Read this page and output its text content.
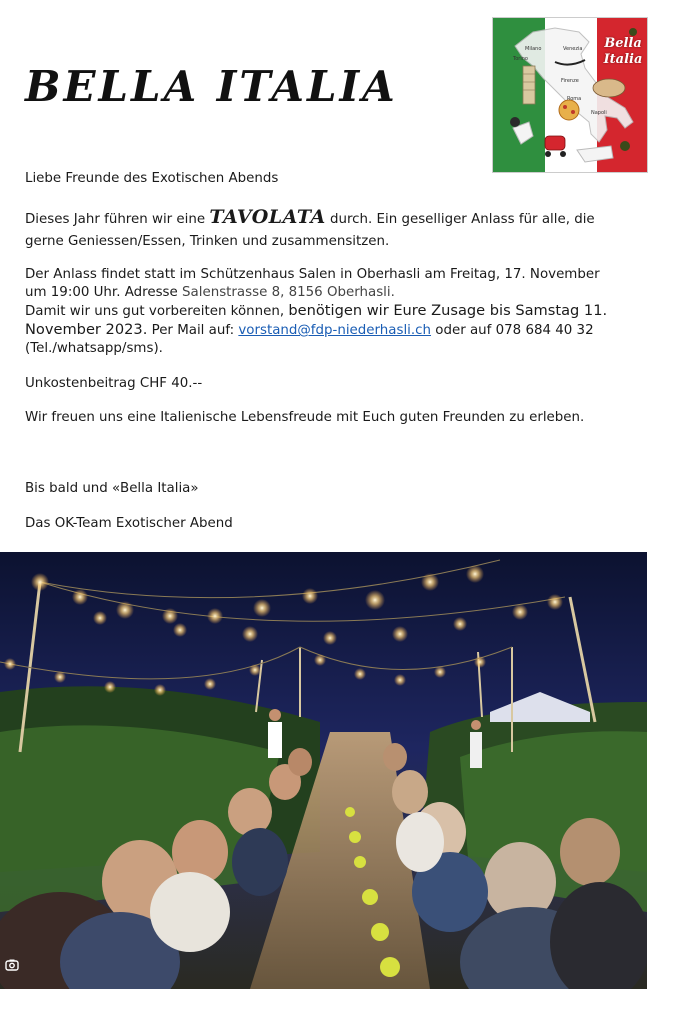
BELLA ITALIA
Bella
Italia
Milano	Venezia
Torino
Firenze
Roma
Napoli
Liebe Freunde des Exotischen Abends
Dieses Jahr führen wir eine TAVOLATA durch. Ein geselliger Anlass für alle, die gerne Geniessen/Essen, Trinken und zusammensitzen.
Der Anlass findet statt im Schützenhaus Salen in Oberhasli am Freitag, 17. November um 19:00 Uhr. Adresse Salenstrasse 8, 8156 Oberhasli.
Damit wir uns gut vorbereiten können, benötigen wir Eure Zusage bis Samstag 11. November 2023. Per Mail auf: vorstand@fdp-niederhasli.ch oder auf 078 684 40 32 (Tel./whatsapp/sms).
Unkostenbeitrag CHF 40.--
Wir freuen uns eine Italienische Lebensfreude mit Euch guten Freunden zu erleben.
Bis bald und «Bella Italia»
Das OK-Team Exotischer Abend
